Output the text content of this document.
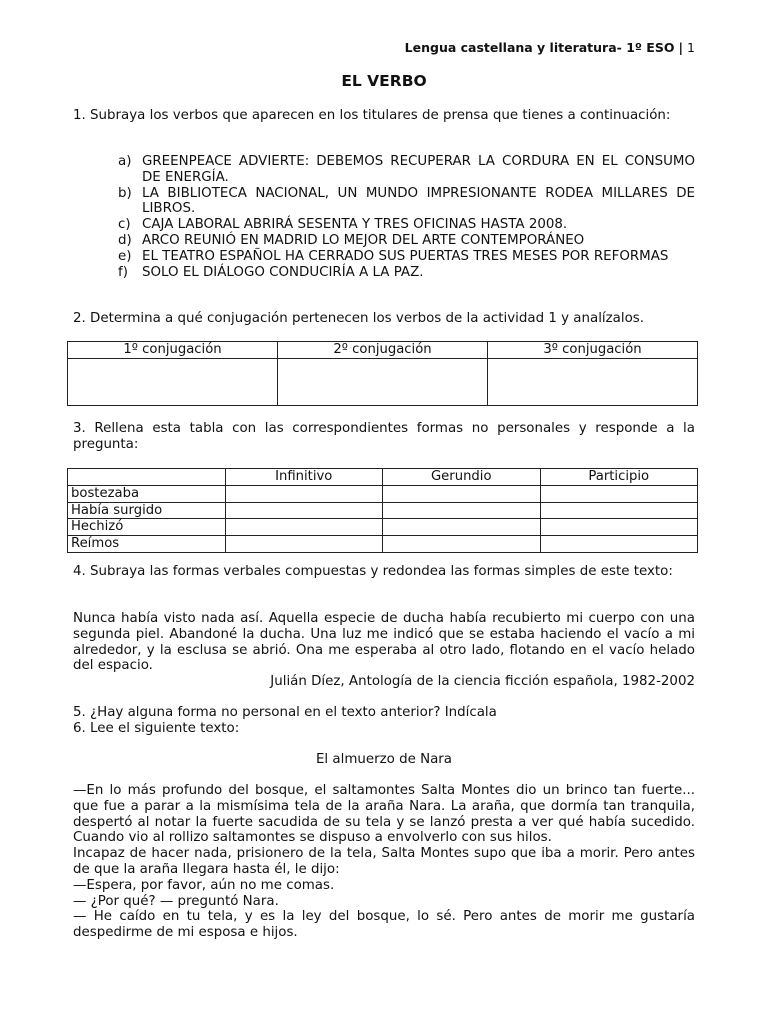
Lengua castellana y literatura- 1º ESO | 1
EL VERBO
1. Subraya los verbos que aparecen en los titulares de prensa que tienes a continuación:
a) GREENPEACE ADVIERTE: DEBEMOS RECUPERAR LA CORDURA EN EL CONSUMO DE ENERGÍA.
b) LA BIBLIOTECA NACIONAL, UN MUNDO IMPRESIONANTE RODEA MILLARES DE LIBROS.
c) CAJA LABORAL ABRIRÁ SESENTA Y TRES OFICINAS HASTA 2008.
d) ARCO REUNIÓ EN MADRID LO MEJOR DEL ARTE CONTEMPORÁNEO
e) EL TEATRO ESPAÑOL HA CERRADO SUS PUERTAS TRES MESES POR REFORMAS
f) SOLO EL DIÁLOGO CONDUCIRÍA A LA PAZ.
2. Determina a qué conjugación pertenecen los verbos de la actividad 1 y analízalos.
1º conjugación	2º conjugación	3º conjugación

3. Rellena esta tabla con las correspondientes formas no personales y responde a la pregunta:
	Infinitivo	Gerundio	Participio
bostezaba			
Había surgido			
Hechizó			
Reímos			
4. Subraya las formas verbales compuestas y redondea las formas simples de este texto:
Nunca había visto nada así. Aquella especie de ducha había recubierto mi cuerpo con una segunda piel. Abandoné la ducha. Una luz me indicó que se estaba haciendo el vacío a mi alrededor, y la esclusa se abrió. Ona me esperaba al otro lado, flotando en el vacío helado del espacio.
Julián Díez, Antología de la ciencia ficción española, 1982-2002
5. ¿Hay alguna forma no personal en el texto anterior? Indícala
6. Lee el siguiente texto:
El almuerzo de Nara
—En lo más profundo del bosque, el saltamontes Salta Montes dio un brinco tan fuerte... que fue a parar a la mismísima tela de la araña Nara. La araña, que dormía tan tranquila, despertó al notar la fuerte sacudida de su tela y se lanzó presta a ver qué había sucedido. Cuando vio al rollizo saltamontes se dispuso a envolverlo con sus hilos.
Incapaz de hacer nada, prisionero de la tela, Salta Montes supo que iba a morir. Pero antes de que la araña llegara hasta él, le dijo:
—Espera, por favor, aún no me comas.
— ¿Por qué? — preguntó Nara.
— He caído en tu tela, y es la ley del bosque, lo sé. Pero antes de morir me gustaría despedirme de mi esposa e hijos.
